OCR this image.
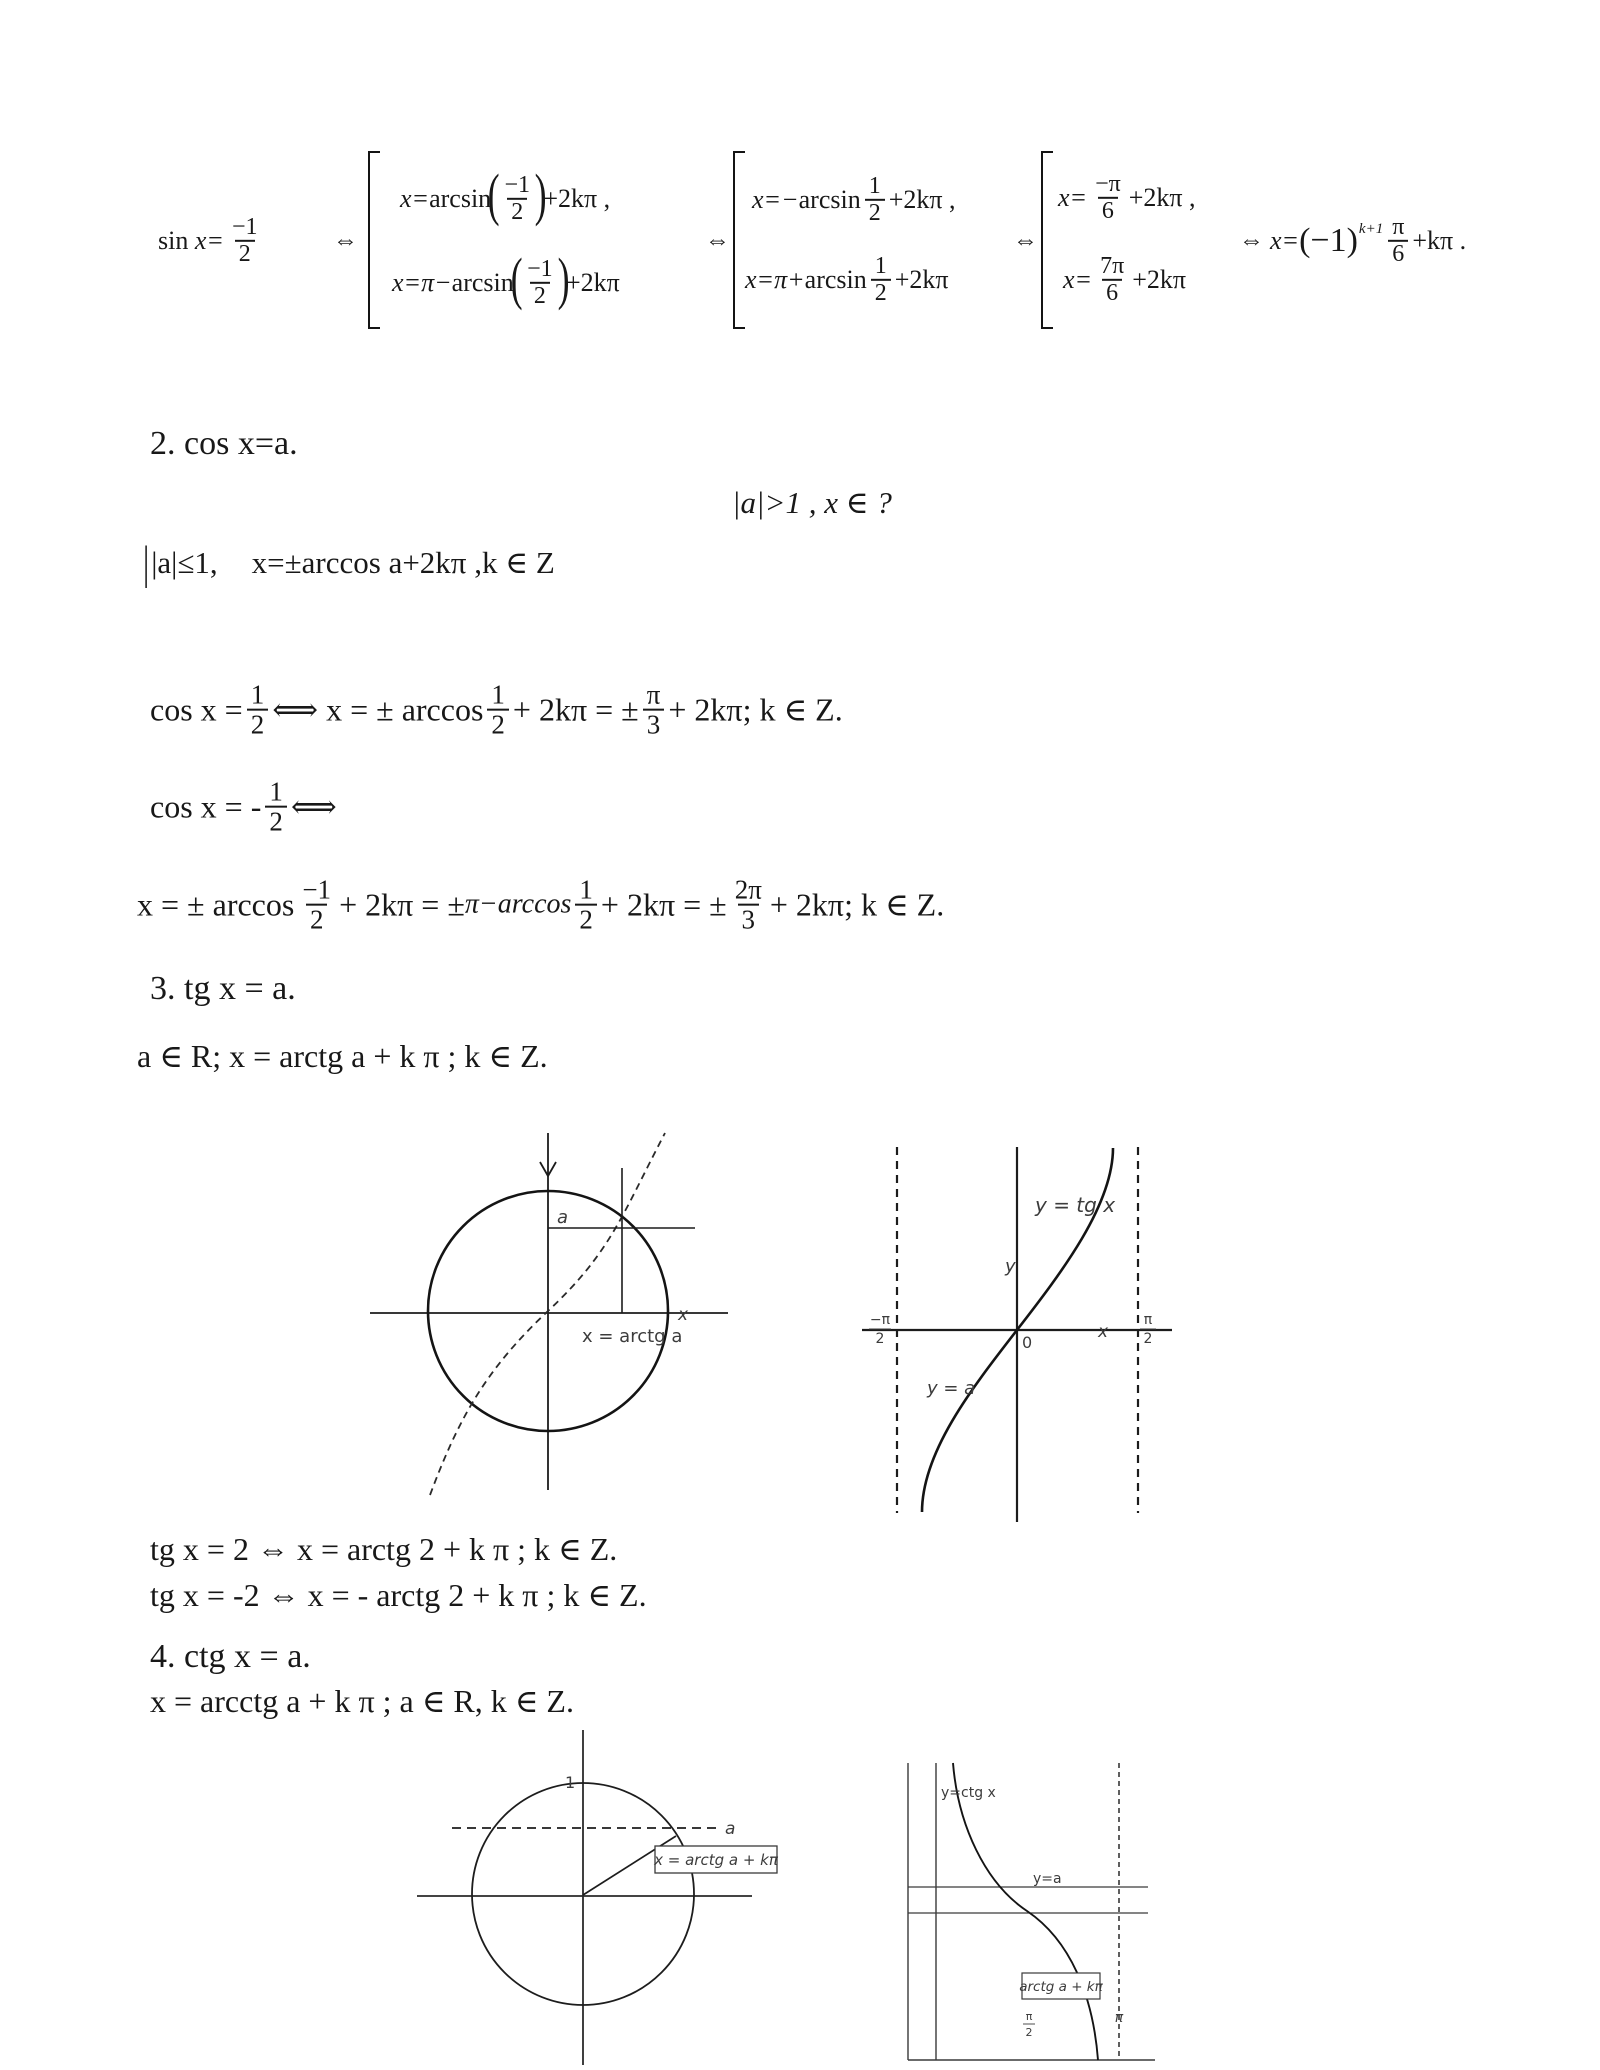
sin
$x= \frac{-1}{2}$	⇔
x= arcsin
( −1
2 )
+2kπ ,
x=π− arcsin
( −1
2 )
+2kπ
⇔
x=− arcsin 1
2 +2kπ ,
x=π+ arcsin 1
2 +2kπ
⇔
$x= \frac{-\pi}{6} +2k\pi$ ,
$x= \frac{7\pi}{6} +2k\pi$
⇔ x= (−1) k+1 π
6 +kπ .
2. cos x=a.
|a|>1 , x ∈ ?
| |a|≤1, x=±arccos a+2kπ ,k ∈ Z
$\cos x = \frac{1}{2}$ ⟺ x = ± arccos 1
2 + 2kπ = ± $\frac{\pi}{3} + 2k\pi$; k ∈ Z.
cos x = - 1
2 ⟺
x = ± arccos −1
2 + 2kπ = ± π−arccos 1
2 + 2kπ = ± $\frac{2\pi}{3} + 2k\pi$; k ∈ Z.
3. tg x = a.
a ∈ R; x = arctg a + k π ; k ∈ Z.
a
x
x = arctg a
y = tg x
y
0
x
π
2
−π
2
y = a
tg x = 2 ⇔ x = arctg 2 + k π ; k ∈ Z.
tg x = -2 ⇔ x = - arctg 2 + k π ; k ∈ Z.
4. ctg x = a.
x = arcctg a + k π ; a ∈ R, k ∈ Z.
1
a
x = arctg a + kπ
y=ctg x
y=a
arctg a + kπ
π
2
π
